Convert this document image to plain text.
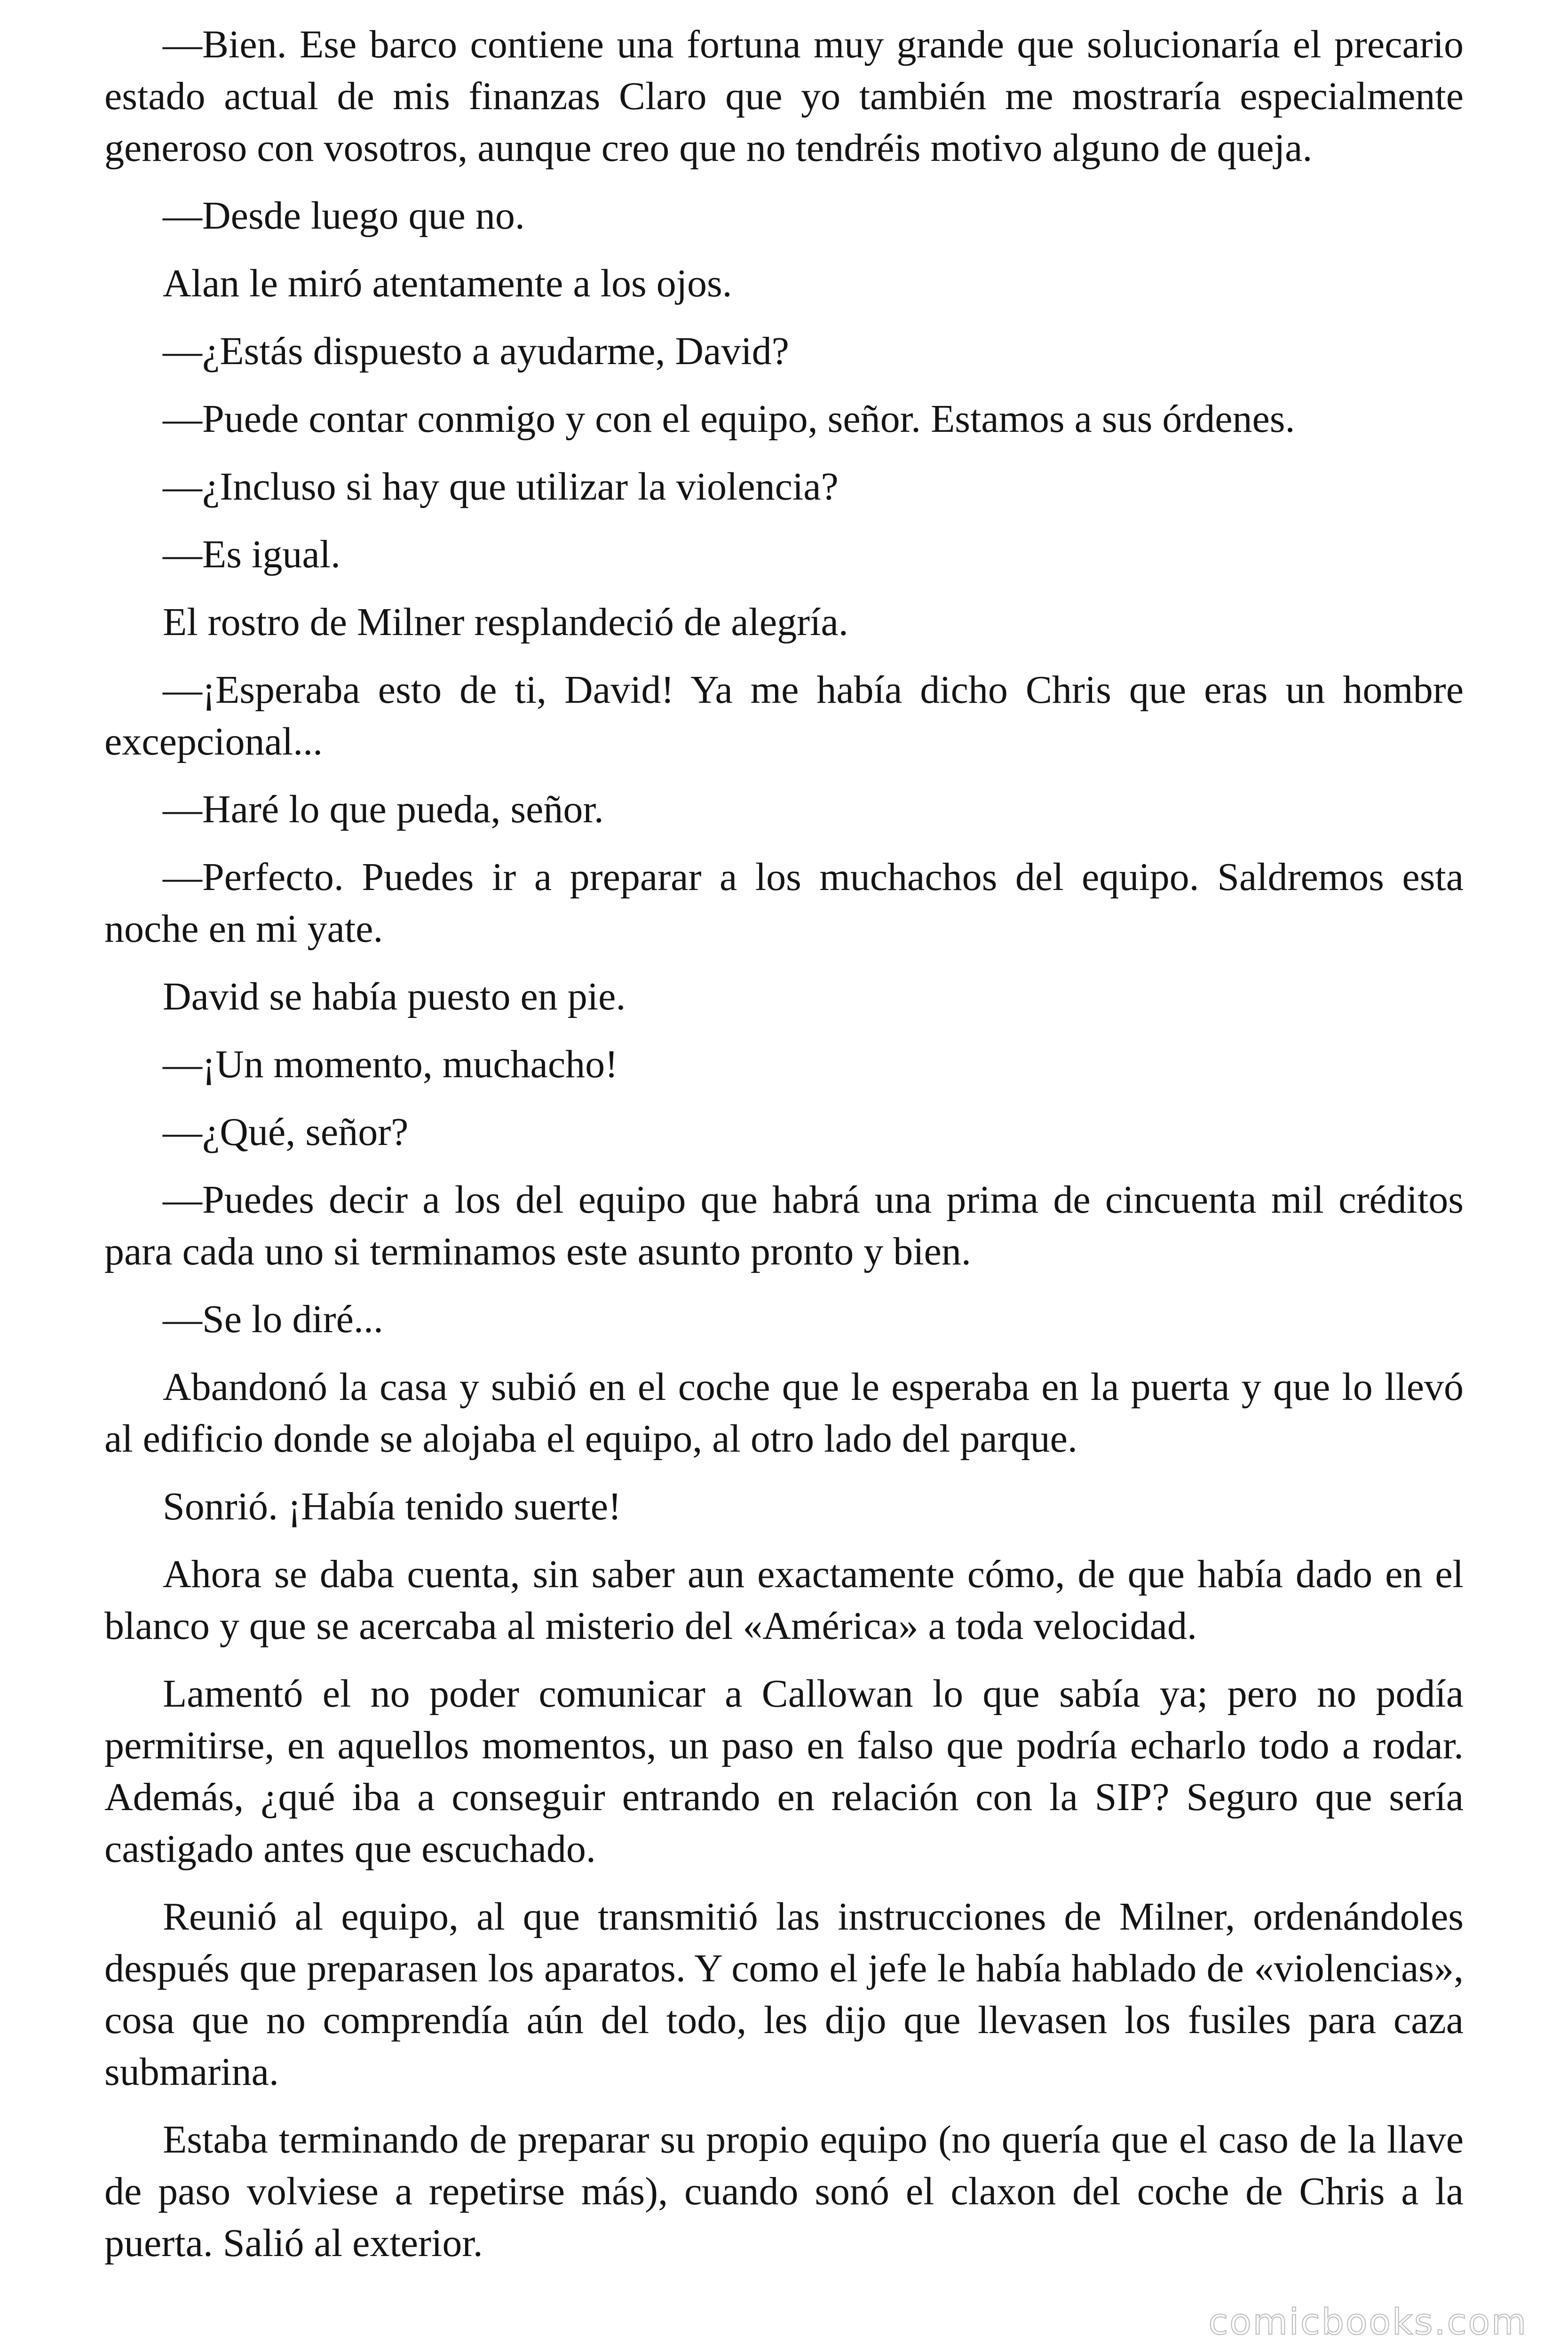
—Bien. Ese barco contiene una fortuna muy grande que solucionaría el precario estado actual de mis finanzas Claro que yo también me mostraría especialmente generoso con vosotros, aunque creo que no tendréis motivo alguno de queja.

—Desde luego que no.

Alan le miró atentamente a los ojos.

—¿Estás dispuesto a ayudarme, David?

—Puede contar conmigo y con el equipo, señor. Estamos a sus órdenes.

—¿Incluso si hay que utilizar la violencia?

—Es igual.

El rostro de Milner resplandeció de alegría.

—¡Esperaba esto de ti, David! Ya me había dicho Chris que eras un hombre excepcional...

—Haré lo que pueda, señor.

—Perfecto. Puedes ir a preparar a los muchachos del equipo. Saldremos esta noche en mi yate.

David se había puesto en pie.

—¡Un momento, muchacho!

—¿Qué, señor?

—Puedes decir a los del equipo que habrá una prima de cincuenta mil créditos para cada uno si terminamos este asunto pronto y bien.

—Se lo diré...

Abandonó la casa y subió en el coche que le esperaba en la puerta y que lo llevó al edificio donde se alojaba el equipo, al otro lado del parque.

Sonrió. ¡Había tenido suerte!

Ahora se daba cuenta, sin saber aun exactamente cómo, de que había dado en el blanco y que se acercaba al misterio del «América» a toda velocidad.

Lamentó el no poder comunicar a Callowan lo que sabía ya; pero no podía permitirse, en aquellos momentos, un paso en falso que podría echarlo todo a rodar. Además, ¿qué iba a conseguir entrando en relación con la SIP? Seguro que sería castigado antes que escuchado.

Reunió al equipo, al que transmitió las instrucciones de Milner, ordenándoles después que preparasen los aparatos. Y como el jefe le había hablado de «violencias», cosa que no comprendía aún del todo, les dijo que llevasen los fusiles para caza submarina.

Estaba terminando de preparar su propio equipo (no quería que el caso de la llave de paso volviese a repetirse más), cuando sonó el claxon del coche de Chris a la puerta. Salió al exterior.

comicbooks.com
